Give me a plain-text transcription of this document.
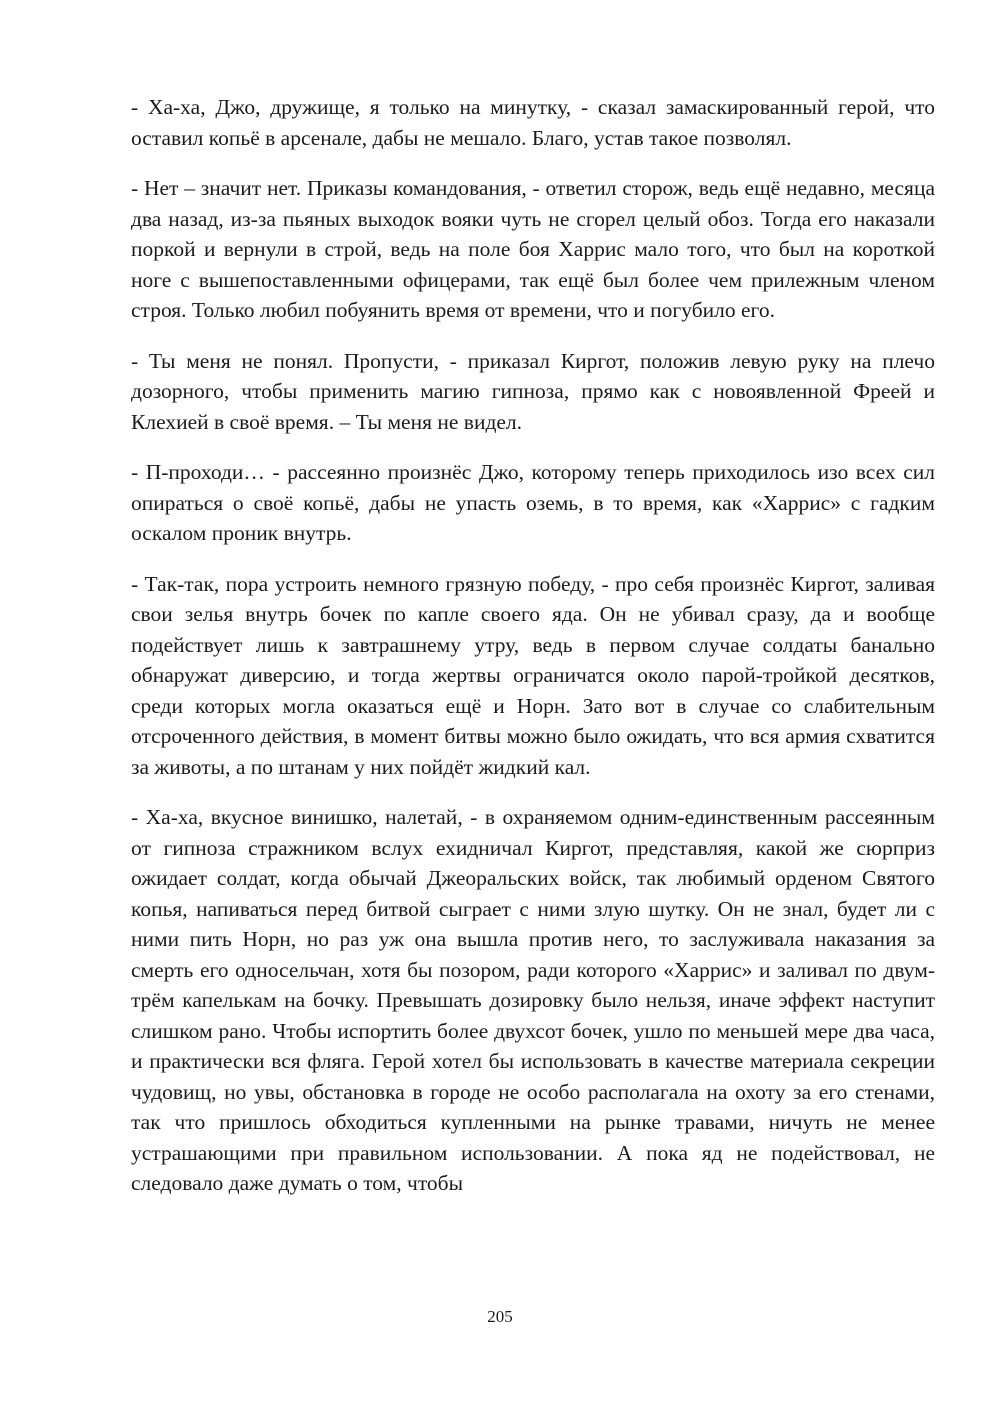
- Ха-ха, Джо, дружище, я только на минутку, - сказал замаскированный герой, что оставил копьё в арсенале, дабы не мешало. Благо, устав такое позволял.

- Нет – значит нет. Приказы командования, - ответил сторож, ведь ещё недавно, месяца два назад, из-за пьяных выходок вояки чуть не сгорел целый обоз. Тогда его наказали поркой и вернули в строй, ведь на поле боя Харрис мало того, что был на короткой ноге с вышепоставленными офицерами, так ещё был более чем прилежным членом строя. Только любил побуянить время от времени, что и погубило его.

- Ты меня не понял. Пропусти, - приказал Киргот, положив левую руку на плечо дозорного, чтобы применить магию гипноза, прямо как с новоявленной Фреей и Клехией в своё время. – Ты меня не видел.

- П-проходи… - рассеянно произнёс Джо, которому теперь приходилось изо всех сил опираться о своё копьё, дабы не упасть оземь, в то время, как «Харрис» с гадким оскалом проник внутрь.

- Так-так, пора устроить немного грязную победу, - про себя произнёс Киргот, заливая свои зелья внутрь бочек по капле своего яда. Он не убивал сразу, да и вообще подействует лишь к завтрашнему утру, ведь в первом случае солдаты банально обнаружат диверсию, и тогда жертвы ограничатся около парой-тройкой десятков, среди которых могла оказаться ещё и Норн. Зато вот в случае со слабительным отсроченного действия, в момент битвы можно было ожидать, что вся армия схватится за животы, а по штанам у них пойдёт жидкий кал.

- Ха-ха, вкусное винишко, налетай, - в охраняемом одним-единственным рассеянным от гипноза стражником вслух ехидничал Киргот, представляя, какой же сюрприз ожидает солдат, когда обычай Джеоральских войск, так любимый орденом Святого копья, напиваться перед битвой сыграет с ними злую шутку. Он не знал, будет ли с ними пить Норн, но раз уж она вышла против него, то заслуживала наказания за смерть его односельчан, хотя бы позором, ради которого «Харрис» и заливал по двум-трём капелькам на бочку. Превышать дозировку было нельзя, иначе эффект наступит слишком рано. Чтобы испортить более двухсот бочек, ушло по меньшей мере два часа, и практически вся фляга. Герой хотел бы использовать в качестве материала секреции чудовищ, но увы, обстановка в городе не особо располагала на охоту за его стенами, так что пришлось обходиться купленными на рынке травами, ничуть не менее устрашающими при правильном использовании. А пока яд не подействовал, не следовало даже думать о том, чтобы

205
